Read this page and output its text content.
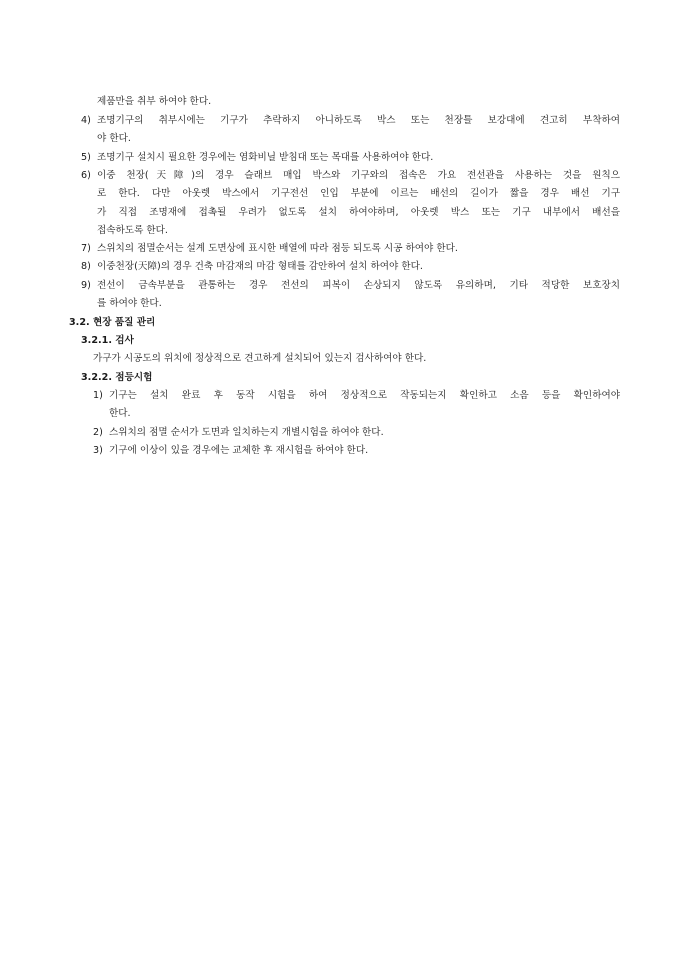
제품만을 취부 하여야 한다.
4) 조명기구의 취부시에는 기구가 추락하지 아니하도록 박스 또는 천장틀 보강대에 견고히 부착하여
야 한다.
5) 조명기구 설치시 필요한 경우에는 염화비닐 받침대 또는 목대를 사용하여야 한다.
6) 이중 천장(天障)의 경우 슬래브 매입 박스와 기구와의 접속은 가요 전선관을 사용하는 것을 원칙으
로 한다. 다만 아웃렛 박스에서 기구전선 인입 부분에 이르는 배선의 길이가 짧을 경우 배선 기구
가 직접 조명재에 접촉될 우려가 없도록 설치 하여야하며, 아웃렛 박스 또는 기구 내부에서 배선을
접속하도록 한다.
7) 스위치의 점멸순서는 설계 도면상에 표시한 배열에 따라 점등 되도록 시공 하여야 한다.
8) 이중천장(天障)의 경우 건축 마감재의 마감 형태를 감안하여 설치 하여야 한다.
9) 전선이 금속부분을 관통하는 경우 전선의 피복이 손상되지 않도록 유의하며, 기타 적당한 보호장치
를 하여야 한다.
3.2. 현장 품질 관리
3.2.1. 검사
가구가 시공도의 위치에 정상적으로 견고하게 설치되어 있는지 검사하여야 한다.
3.2.2. 점등시험
1) 기구는 설치 완료 후 동작 시험을 하여 정상적으로 작동되는지 확인하고 소음 등을 확인하여야
한다.
2) 스위치의 점멸 순서가 도면과 일치하는지 개별시험을 하여야 한다.
3) 기구에 이상이 있을 경우에는 교체한 후 재시험을 하여야 한다.
